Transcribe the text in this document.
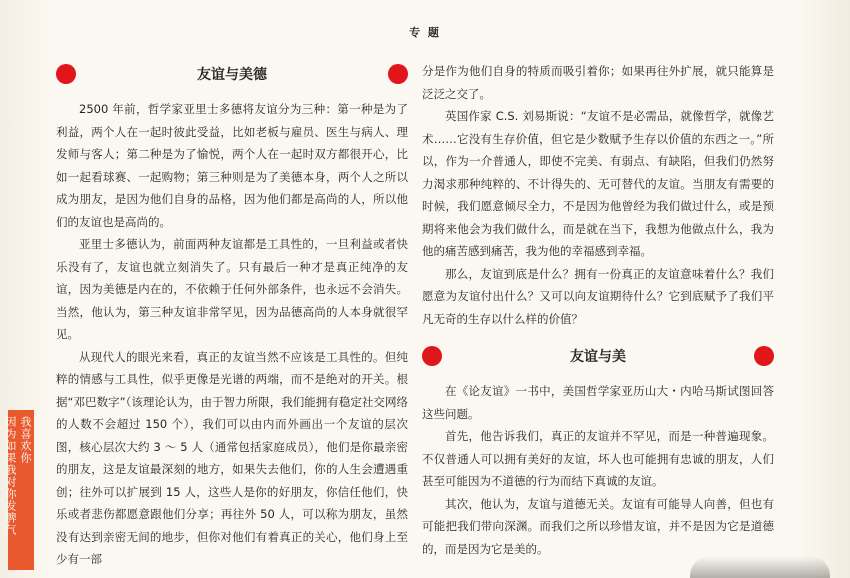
专 题
友谊与美德

2500 年前，哲学家亚里士多德将友谊分为三种：第一种是为了利益，两个人在一起时彼此受益，比如老板与雇员、医生与病人、理发师与客人；第二种是为了愉悦，两个人在一起时双方都很开心，比如一起看球赛、一起购物；第三种则是为了美德本身，两个人之所以成为朋友，是因为他们自身的品格，因为他们都是高尚的人，所以他们的友谊也是高尚的。

亚里士多德认为，前面两种友谊都是工具性的，一旦利益或者快乐没有了，友谊也就立刻消失了。只有最后一种才是真正纯净的友谊，因为美德是内在的，不依赖于任何外部条件，也永远不会消失。当然，他认为，第三种友谊非常罕见，因为品德高尚的人本身就很罕见。

从现代人的眼光来看，真正的友谊当然不应该是工具性的。但纯粹的情感与工具性，似乎更像是光谱的两端，而不是绝对的开关。根据“邓巴数字”（该理论认为，由于智力所限，我们能拥有稳定社交网络的人数不会超过 150 个），我们可以由内而外画出一个友谊的层次图，核心层次大约 3 ～ 5 人（通常包括家庭成员），他们是你最亲密的朋友，这是友谊最深刻的地方，如果失去他们，你的人生会遭遇重创；往外可以扩展到 15 人，这些人是你的好朋友，你信任他们，快乐或者悲伤都愿意跟他们分享；再往外 50 人，可以称为朋友，虽然没有达到亲密无间的地步，但你对他们有着真正的关心，他们身上至少有一部

分是作为他们自身的特质而吸引着你；如果再往外扩展，就只能算是泛泛之交了。

英国作家 C.S. 刘易斯说：“友谊不是必需品，就像哲学，就像艺术……它没有生存价值，但它是少数赋予生存以价值的东西之一。”所以，作为一介普通人，即使不完美、有弱点、有缺陷，但我们仍然努力渴求那种纯粹的、不计得失的、无可替代的友谊。当朋友有需要的时候，我们愿意倾尽全力，不是因为他曾经为我们做过什么，或是预期将来他会为我们做什么，而是就在当下，我想为他做点什么，我为他的痛苦感到痛苦，我为他的幸福感到幸福。

那么，友谊到底是什么？拥有一份真正的友谊意味着什么？我们愿意为友谊付出什么？又可以向友谊期待什么？它到底赋予了我们平凡无奇的生存以什么样的价值？

友谊与美

在《论友谊》一书中，美国哲学家亚历山大・内哈马斯试图回答这些问题。

首先，他告诉我们，真正的友谊并不罕见，而是一种普遍现象。不仅普通人可以拥有美好的友谊，坏人也可能拥有忠诚的朋友，人们甚至可能因为不道德的行为而结下真诚的友谊。

其次，他认为，友谊与道德无关。友谊有可能导人向善，但也有可能把我们带向深渊。而我们之所以珍惜友谊，并不是因为它是道德的，而是因为它是美的。

我喜欢你
因为如果我对你发脾气
